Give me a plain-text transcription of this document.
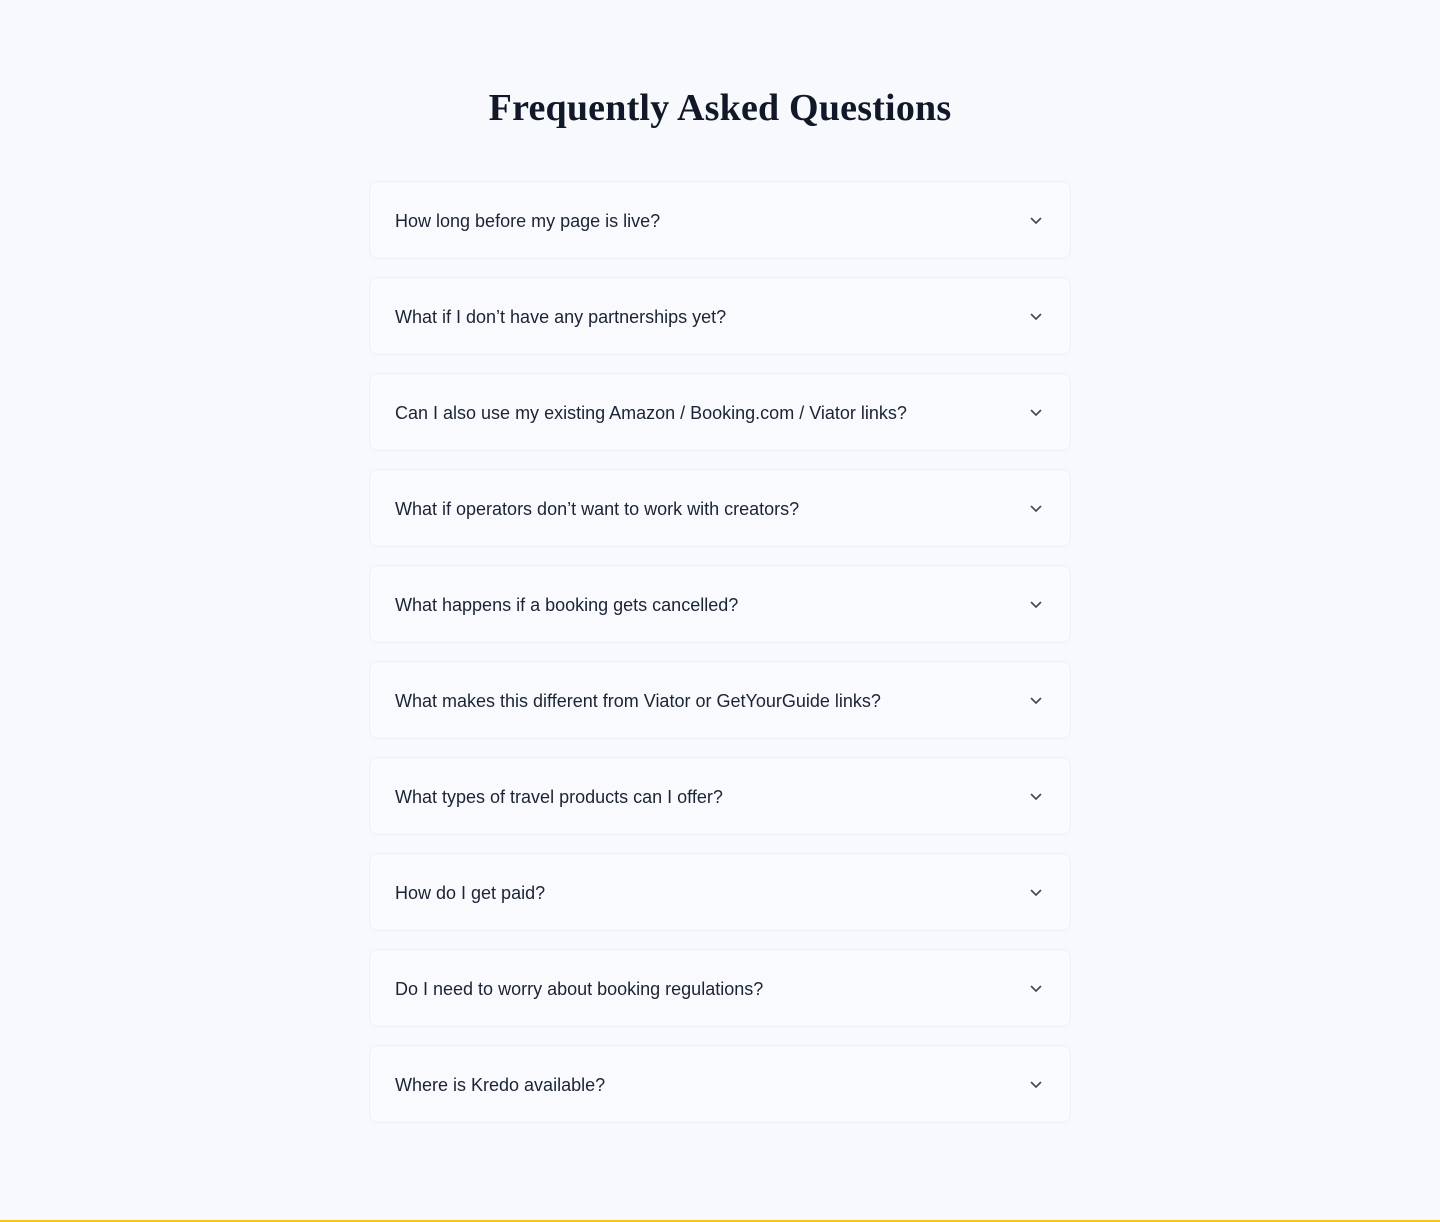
Frequently Asked Questions
How long before my page is live?
What if I don’t have any partnerships yet?
Can I also use my existing Amazon / Booking.com / Viator links?
What if operators don’t want to work with creators?
What happens if a booking gets cancelled?
What makes this different from Viator or GetYourGuide links?
What types of travel products can I offer?
How do I get paid?
Do I need to worry about booking regulations?
Where is Kredo available?
